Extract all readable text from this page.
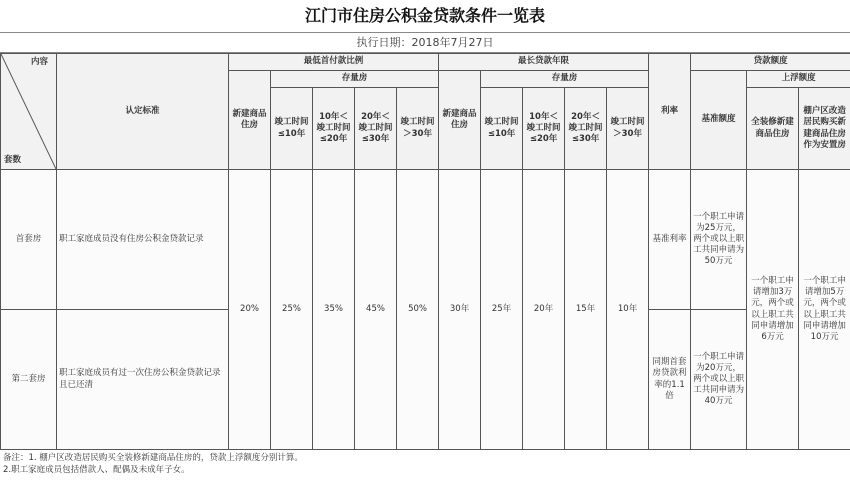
江门市住房公积金贷款条件一览表
执行日期：2018年7月27日
内容
套数	认定标准	最低首付款比例					最长贷款年限					利率	贷款额度		
		新建商品住房	存量房				新建商品住房	存量房					基准额度	上浮额度	
			竣工时间≤10年	10年＜竣工时间≤20年	20年＜竣工时间≤30年	竣工时间＞30年		竣工时间≤10年	10年＜竣工时间≤20年	20年＜竣工时间≤30年	竣工时间＞30年			全装修新建商品住房	棚户区改造居民购买新建商品住房作为安置房
首套房	职工家庭成员没有住房公积金贷款记录	20%	25%	35%	45%	50%	30年	25年	20年	15年	10年	基准利率	一个职工申请为25万元，两个或以上职工共同申请为50万元	一个职工申请增加3万元，两个或以上职工共同申请增加6万元	一个职工申请增加5万元，两个或以上职工共同申请增加10万元
第二套房	职工家庭成员有过一次住房公积金贷款记录且已还清											同期首套房贷款利率的1.1倍	一个职工申请为20万元，两个或以上职工共同申请为40万元		
备注：1. 棚户区改造居民购买全装修新建商品住房的，贷款上浮额度分别计算。
2.职工家庭成员包括借款人、配偶及未成年子女。
